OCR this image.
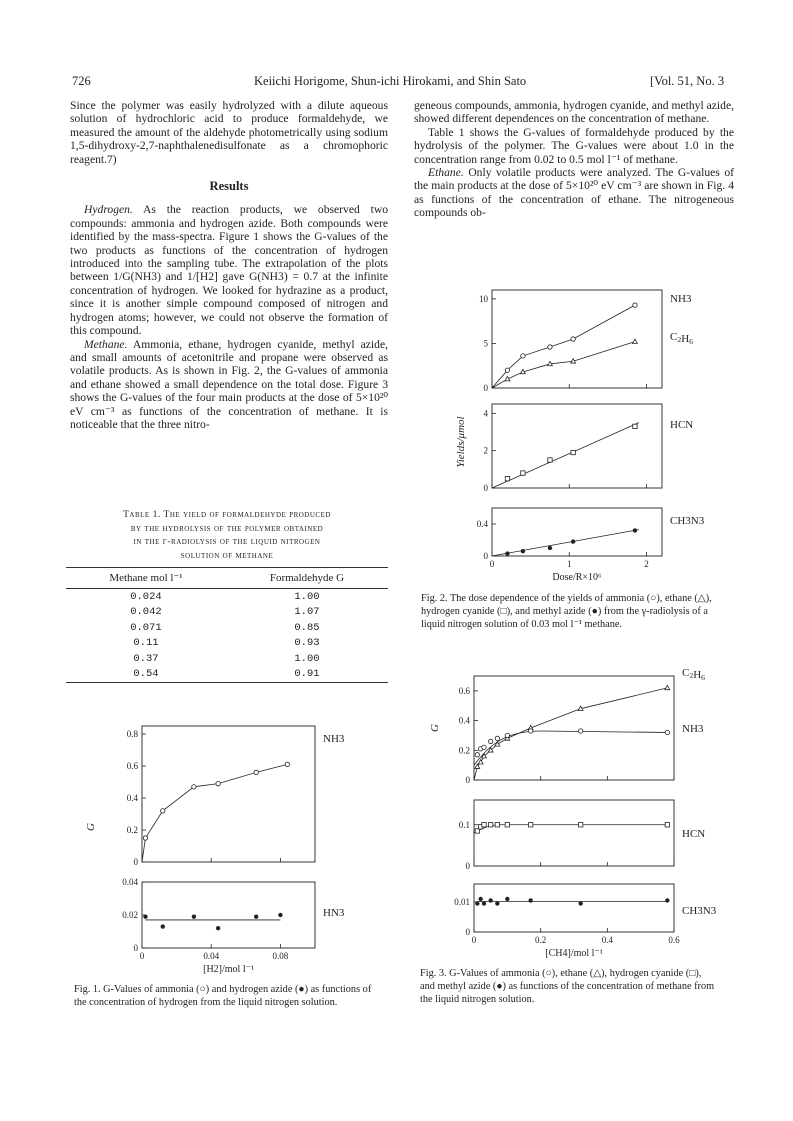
726	Keiichi Horigome, Shun-ichi Hirokami, and Shin Sato	[Vol. 51, No. 3

Since the polymer was easily hydrolyzed with a dilute aqueous solution of hydrochloric acid to produce formaldehyde, we measured the amount of the aldehyde photometrically using sodium 1,5-dihydroxy-2,7-naphthalenedisulfonate as a chromophoric reagent.7)

Results

Hydrogen. As the reaction products, we observed two compounds: ammonia and hydrogen azide. Both compounds were identified by the mass-spectra. Figure 1 shows the G-values of the two products as functions of the concentration of hydrogen introduced into the sampling tube. The extrapolation of the plots between 1/G(NH3) and 1/[H2] gave G(NH3) = 0.7 at the infinite concentration of hydrogen. We looked for hydrazine as a product, since it is another simple compound composed of nitrogen and hydrogen atoms; however, we could not observe the formation of this compound.

Methane. Ammonia, ethane, hydrogen cyanide, methyl azide, and small amounts of acetonitrile and propane were observed as volatile products. As is shown in Fig. 2, the G-values of ammonia and ethane showed a small dependence on the total dose. Figure 3 shows the G-values of the four main products at the dose of 5×10²⁰ eV cm⁻³ as functions of the concentration of methane. It is noticeable that the three nitro-

Table 1. The yield of formaldehyde produced
by the hydrolysis of the polymer obtained
in the γ-radiolysis of the liquid nitrogen
solution of methane
Methane mol l⁻¹	Formaldehyde G
0.024	1.00
0.042	1.07
0.071	0.85
0.11	0.93
0.37	1.00
0.54	0.91

geneous compounds, ammonia, hydrogen cyanide, and methyl azide, showed different dependences on the concentration of methane.

Table 1 shows the G-values of formaldehyde produced by the hydrolysis of the polymer. The G-values were about 1.0 in the concentration range from 0.02 to 0.5 mol l⁻¹ of methane.

Ethane. Only volatile products were analyzed. The G-values of the main products at the dose of 5×10²⁰ eV cm⁻³ are shown in Fig. 4 as functions of the concentration of ethane. The nitrogeneous compounds ob-

0
0.2
0.4
0.6
0.8	NH3
0
0.02
0.04
HN3
0	0.04	0.08
[H2]/mol l⁻¹
G
0
5
10	NH3
C2H6
0
2
4
HCN
0
0.4	CH3N3
0	1	2
Dose/R×10⁶
Yields/μmol
0
0.2
0.4
0.6
C2H6
NH3
0
0.1
HCN
0
0.01
CH3N3
0	0.2	0.4	0.6
[CH4]/mol l⁻¹
G
Fig. 1. G-Values of ammonia (○) and hydrogen azide (●) as functions of the concentration of hydrogen from the liquid nitrogen solution.
Fig. 2. The dose dependence of the yields of ammonia (○), ethane (△), hydrogen cyanide (□), and methyl azide (●) from the γ-radiolysis of a liquid nitrogen solution of 0.03 mol l⁻¹ methane.
Fig. 3. G-Values of ammonia (○), ethane (△), hydrogen cyanide (□), and methyl azide (●) as functions of the concentration of methane from the liquid nitrogen solution.
